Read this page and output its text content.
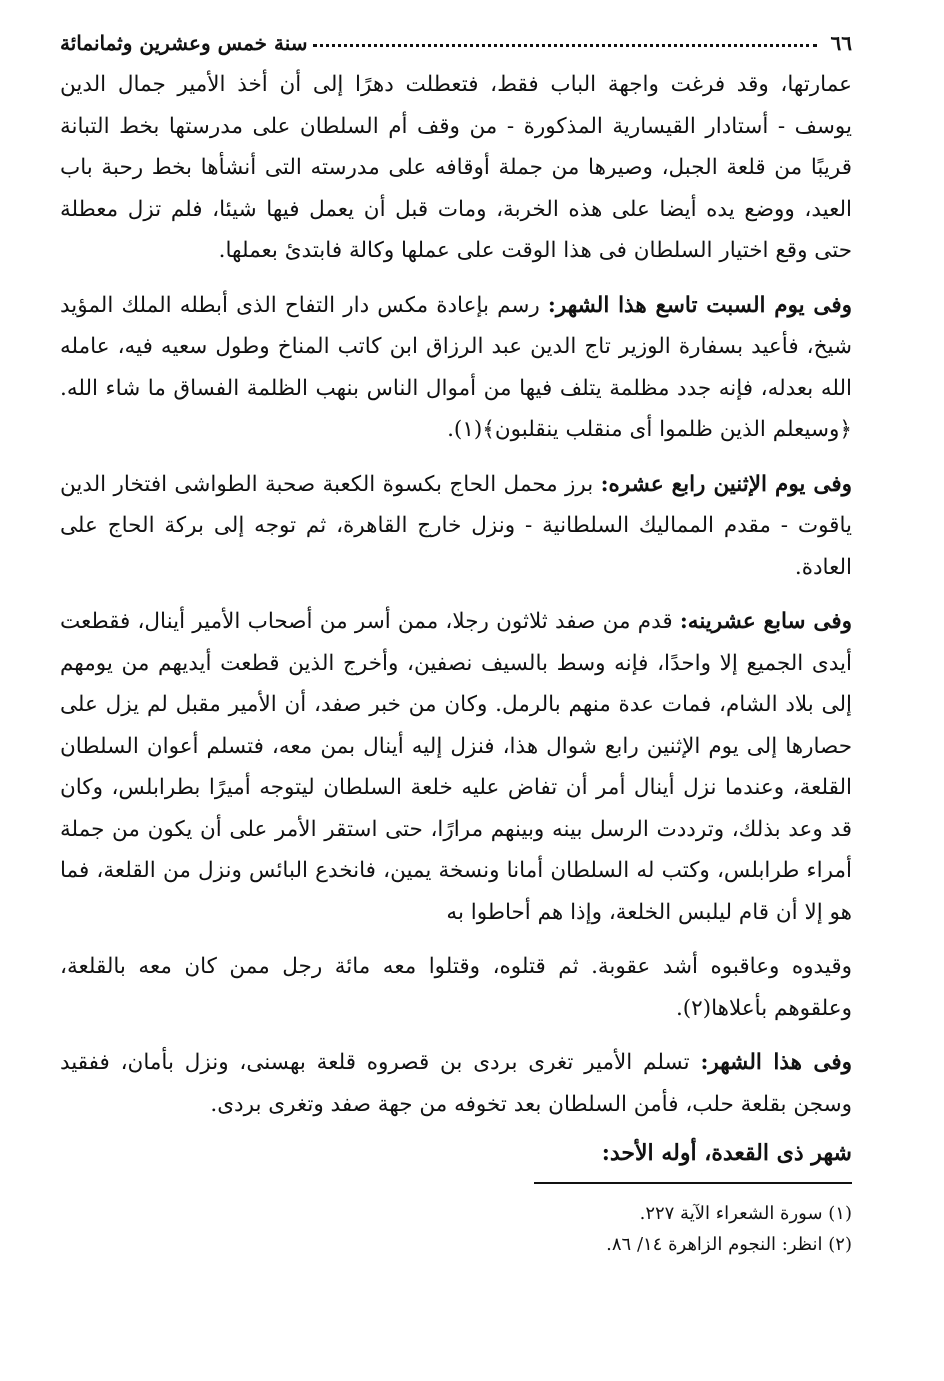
٦٦
سنة خمس وعشرين وثمانمائة

عمارتها، وقد فرغت واجهة الباب فقط، فتعطلت دهرًا إلى أن أخذ الأمير جمال الدين يوسف - أستادار القيسارية المذكورة - من وقف أم السلطان على مدرستها بخط التبانة قريبًا من قلعة الجبل، وصيرها من جملة أوقافه على مدرسته التى أنشأها بخط رحبة باب العيد، ووضع يده أيضا على هذه الخربة، ومات قبل أن يعمل فيها شيئا، فلم تزل معطلة حتى وقع اختيار السلطان فى هذا الوقت على عملها وكالة فابتدئ بعملها.

وفى يوم السبت تاسع هذا الشهر: رسم بإعادة مكس دار التفاح الذى أبطله الملك المؤيد شيخ، فأعيد بسفارة الوزير تاج الدين عبد الرزاق ابن كاتب المناخ وطول سعيه فيه، عامله الله بعدله، فإنه جدد مظلمة يتلف فيها من أموال الناس بنهب الظلمة الفساق ما شاء الله. ﴿وسيعلم الذين ظلموا أى منقلب ينقلبون﴾(١).

وفى يوم الإثنين رابع عشره: برز محمل الحاج بكسوة الكعبة صحبة الطواشى افتخار الدين ياقوت - مقدم المماليك السلطانية - ونزل خارج القاهرة، ثم توجه إلى بركة الحاج على العادة.

وفى سابع عشرينه: قدم من صفد ثلاثون رجلا، ممن أسر من أصحاب الأمير أينال، فقطعت أيدى الجميع إلا واحدًا، فإنه وسط بالسيف نصفين، وأخرج الذين قطعت أيديهم من يومهم إلى بلاد الشام، فمات عدة منهم بالرمل. وكان من خبر صفد، أن الأمير مقبل لم يزل على حصارها إلى يوم الإثنين رابع شوال هذا، فنزل إليه أينال بمن معه، فتسلم أعوان السلطان القلعة، وعندما نزل أينال أمر أن تفاض عليه خلعة السلطان ليتوجه أميرًا بطرابلس، وكان قد وعد بذلك، وترددت الرسل بينه وبينهم مرارًا، حتى استقر الأمر على أن يكون من جملة أمراء طرابلس، وكتب له السلطان أمانا ونسخة يمين، فانخدع البائس ونزل من القلعة، فما هو إلا أن قام ليلبس الخلعة، وإذا هم أحاطوا به

وقيدوه وعاقبوه أشد عقوبة. ثم قتلوه، وقتلوا معه مائة رجل ممن كان معه بالقلعة، وعلقوهم بأعلاها(٢).

وفى هذا الشهر: تسلم الأمير تغرى بردى بن قصروه قلعة بهسنى، ونزل بأمان، ففقيد وسجن بقلعة حلب، فأمن السلطان بعد تخوفه من جهة صفد وتغرى بردى.

شهر ذى القعدة، أوله الأحد:

(١) سورة الشعراء الآية ٢٢٧.

(٢) انظر: النجوم الزاهرة ١٤/ ٨٦.
